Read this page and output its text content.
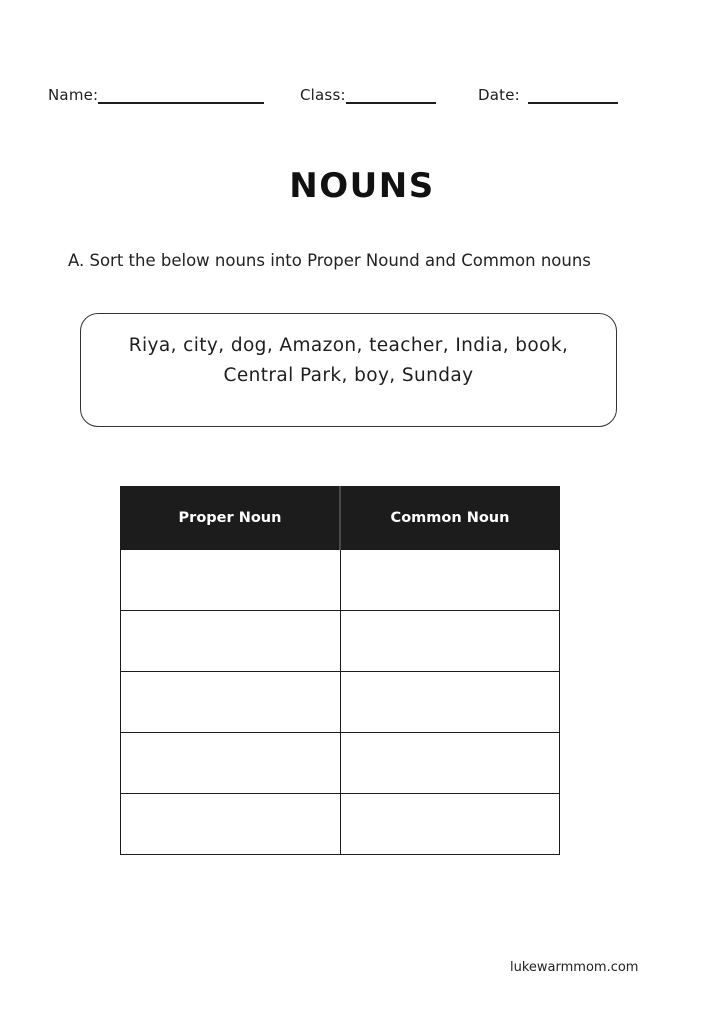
Name:	Class:	Date:
NOUNS
A. Sort the below nouns into Proper Nound and Common nouns
Riya, city, dog, Amazon, teacher, India, book,
Central Park, boy, Sunday
Proper Noun	Common Noun

lukewarmmom.com
